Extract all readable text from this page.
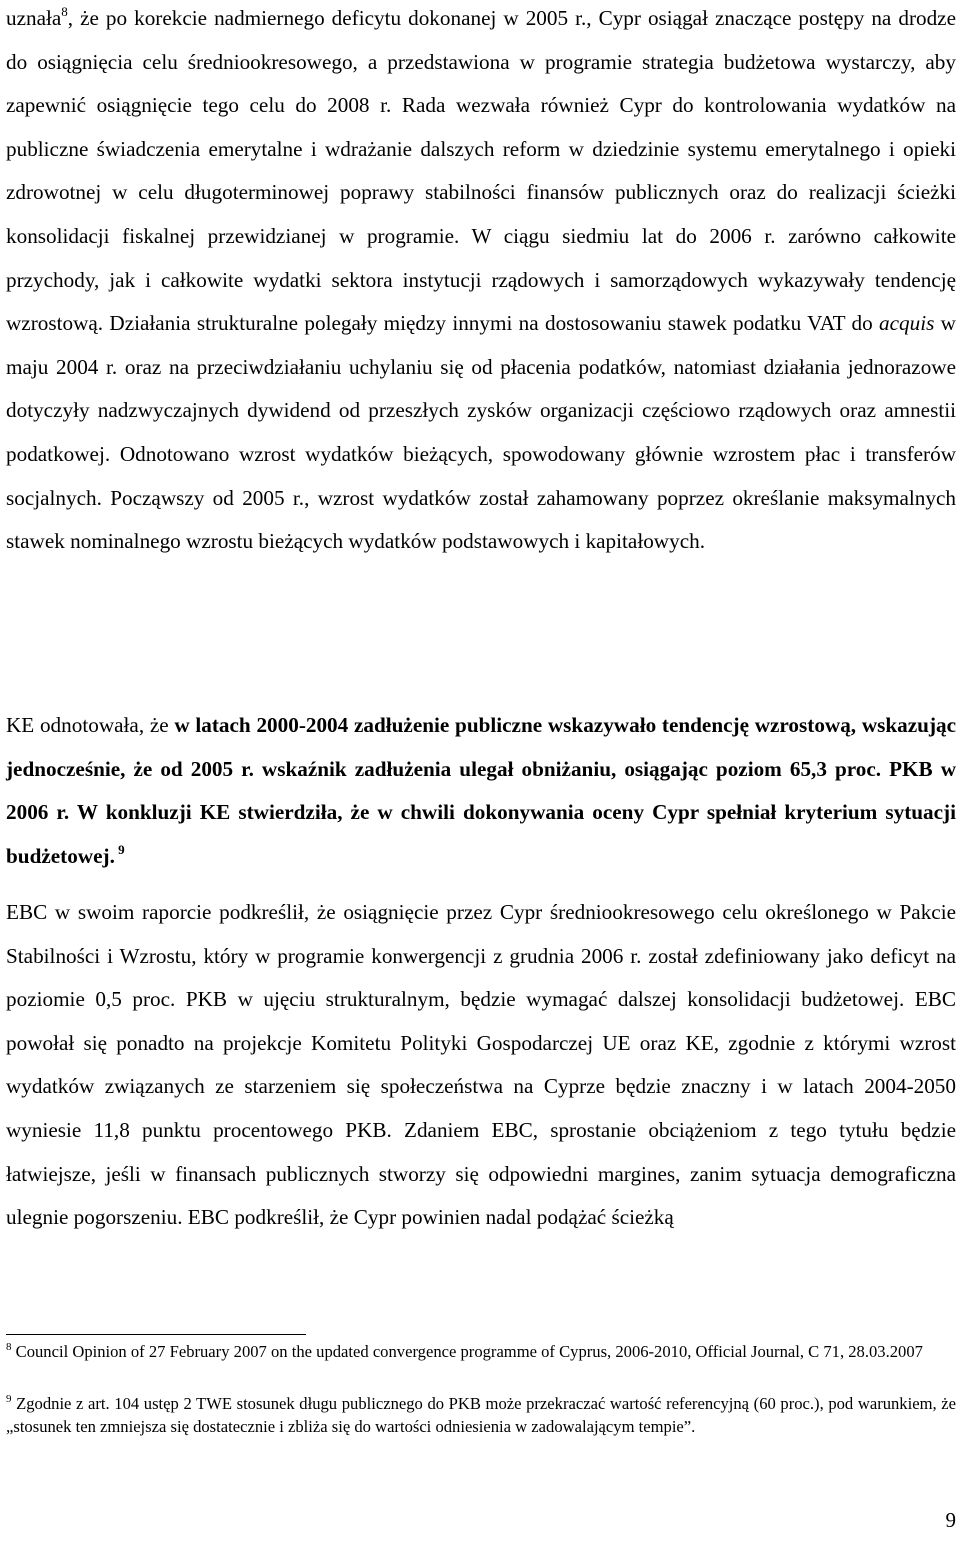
uznała$^8$, że po korekcie nadmiernego deficytu dokonanej w 2005 r., Cypr osiągał znaczące postępy na drodze do osiągnięcia celu średniookresowego, a przedstawiona w programie strategia budżetowa wystarczy, aby zapewnić osiągnięcie tego celu do 2008 r. Rada wezwała również Cypr do kontrolowania wydatków na publiczne świadczenia emerytalne i wdrażanie dalszych reform w dziedzinie systemu emerytalnego i opieki zdrowotnej w celu długoterminowej poprawy stabilności finansów publicznych oraz do realizacji ścieżki konsolidacji fiskalnej przewidzianej w programie. W ciągu siedmiu lat do 2006 r. zarówno całkowite przychody, jak i całkowite wydatki sektora instytucji rządowych i samorządowych wykazywały tendencję wzrostową. Działania strukturalne polegały między innymi na dostosowaniu stawek podatku VAT do acquis w maju 2004 r. oraz na przeciwdziałaniu uchylaniu się od płacenia podatków, natomiast działania jednorazowe dotyczyły nadzwyczajnych dywidend od przeszłych zysków organizacji częściowo rządowych oraz amnestii podatkowej. Odnotowano wzrost wydatków bieżących, spowodowany głównie wzrostem płac i transferów socjalnych. Począwszy od 2005 r., wzrost wydatków został zahamowany poprzez określanie maksymalnych stawek nominalnego wzrostu bieżących wydatków podstawowych i kapitałowych.

KE odnotowała, że w latach 2000-2004 zadłużenie publiczne wskazywało tendencję wzrostową, wskazując jednocześnie, że od 2005 r. wskaźnik zadłużenia ulegał obniżaniu, osiągając poziom 65,3 proc. PKB w 2006 r. W konkluzji KE stwierdziła, że w chwili dokonywania oceny Cypr spełniał kryterium sytuacji budżetowej. $^9$

EBC w swoim raporcie podkreślił, że osiągnięcie przez Cypr średniookresowego celu określonego w Pakcie Stabilności i Wzrostu, który w programie konwergencji z grudnia 2006 r. został zdefiniowany jako deficyt na poziomie 0,5 proc. PKB w ujęciu strukturalnym, będzie wymagać dalszej konsolidacji budżetowej. EBC powołał się ponadto na projekcje Komitetu Polityki Gospodarczej UE oraz KE, zgodnie z którymi wzrost wydatków związanych ze starzeniem się społeczeństwa na Cyprze będzie znaczny i w latach 2004-2050 wyniesie 11,8 punktu procentowego PKB. Zdaniem EBC, sprostanie obciążeniom z tego tytułu będzie łatwiejsze, jeśli w finansach publicznych stworzy się odpowiedni margines, zanim sytuacja demograficzna ulegnie pogorszeniu. EBC podkreślił, że Cypr powinien nadal podążać ścieżką

$^8$ Council Opinion of 27 February 2007 on the updated convergence programme of Cyprus, 2006-2010, Official Journal, C 71, 28.03.2007

$^9$ Zgodnie z art. 104 ustęp 2 TWE stosunek długu publicznego do PKB może przekraczać wartość referencyjną (60 proc.), pod warunkiem, że „stosunek ten zmniejsza się dostatecznie i zbliża się do wartości odniesienia w zadowalającym tempie”.

9
